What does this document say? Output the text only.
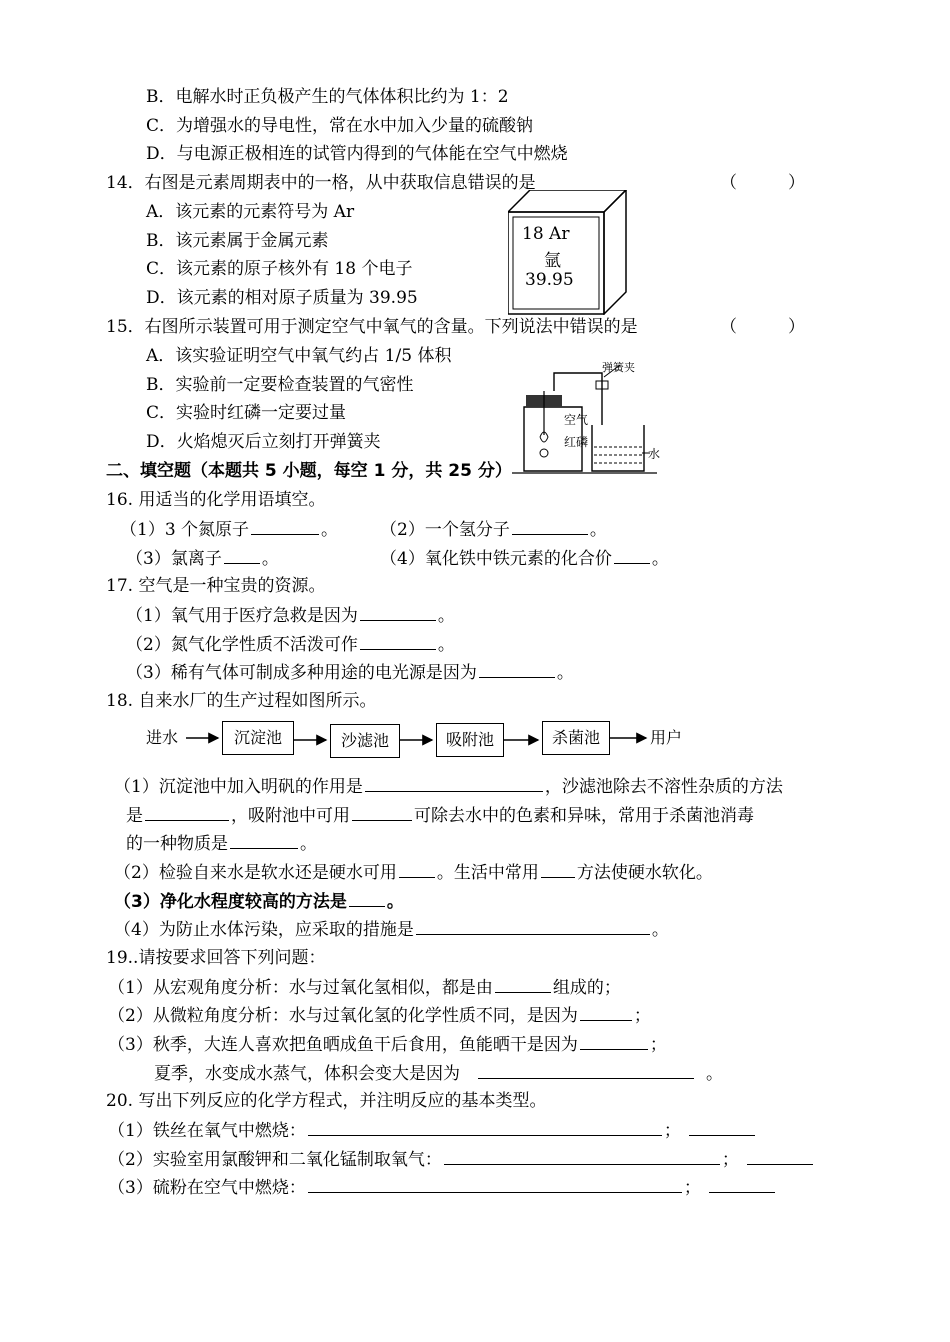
B．电解水时正负极产生的气体体积比约为 1：2
C．为增强水的导电性，常在水中加入少量的硫酸钠
D．与电源正极相连的试管内得到的气体能在空气中燃烧
14．右图是元素周期表中的一格，从中获取信息错误的是	（　　　）
A．该元素的元素符号为 Ar
B．该元素属于金属元素
C．该元素的原子核外有 18 个电子
D．该元素的相对原子质量为 39.95
18 Ar
氩
39.95
15．右图所示装置可用于测定空气中氧气的含量。下列说法中错误的是	（　　　）
A．该实验证明空气中氧气约占 1/5 体积
B．实验前一定要检查装置的气密性
C．实验时红磷一定要过量
D．火焰熄灭后立刻打开弹簧夹
弹簧夹
空气
红磷
水
二、填空题（本题共 5 小题，每空 1 分，共 25 分）
16. 用适当的化学用语填空。
（1）3 个氮原子	。 （2）一个氢分子	。
（3）氯离子 。	（4）氧化铁中铁元素的化合价 。
17. 空气是一种宝贵的资源。
（1）氧气用于医疗急救是因为	。
（2）氮气化学性质不活泼可作	。
（3）稀有气体可制成多种用途的电光源是因为	。
18. 自来水厂的生产过程如图所示。
进水	沉淀池	沙滤池	吸附池	杀菌池	用户
（1）沉淀池中加入明矾的作用是	，沙滤池除去不溶性杂质的方法
是	，吸附池中可用	可除去水中的色素和异味，常用于杀菌池消毒
的一种物质是	。
（2）检验自来水是软水还是硬水可用 。生活中常用 方法使硬水软化。
（3）净化水程度较高的方法是 。
（4）为防止水体污染，应采取的措施是	。
19..请按要求回答下列问题：
（1）从宏观角度分析：水与过氧化氢相似，都是由	组成的；
（2）从微粒角度分析：水与过氧化氢的化学性质不同，是因为	；
（3）秋季，大连人喜欢把鱼晒成鱼干后食用，鱼能晒干是因为	；
夏季，水变成水蒸气，体积会变大是因为	。
20. 写出下列反应的化学方程式，并注明反应的基本类型。
（1）铁丝在氧气中燃烧：	；
（2）实验室用氯酸钾和二氧化锰制取氧气：	；
（3）硫粉在空气中燃烧：	；
